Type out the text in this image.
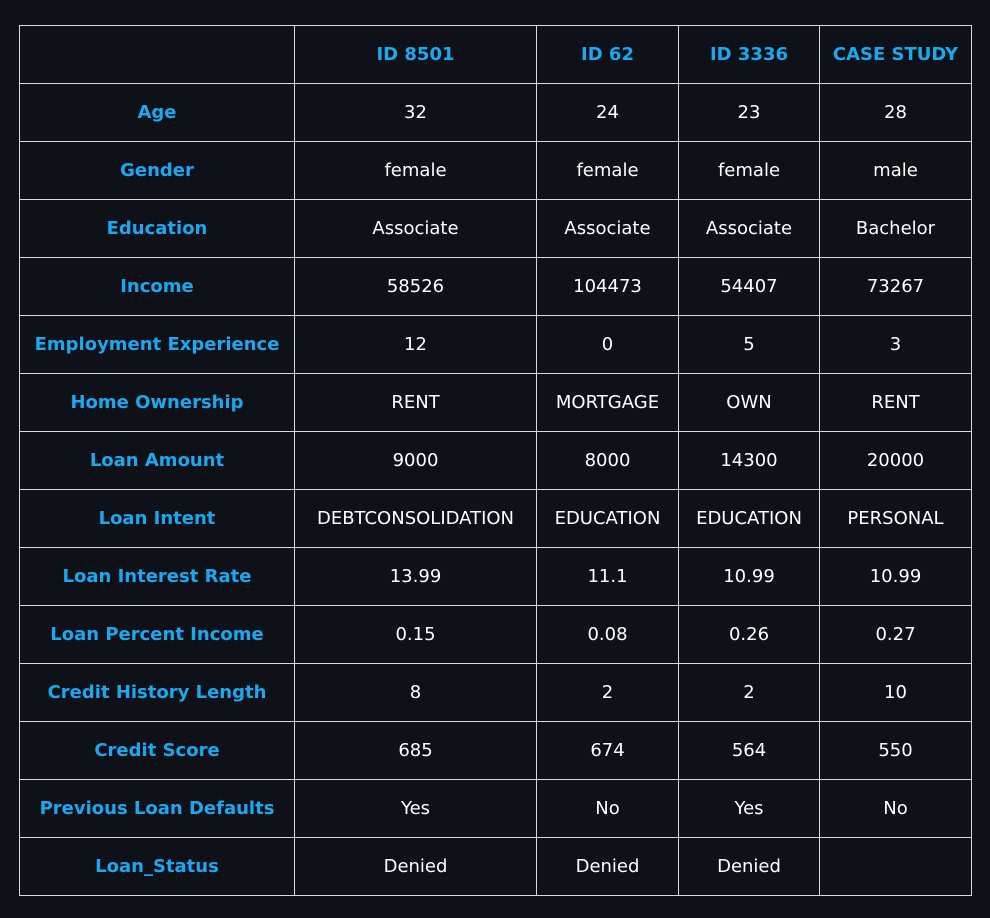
	ID 8501	ID 62	ID 3336	CASE STUDY
Age	32	24	23	28
Gender	female	female	female	male
Education	Associate	Associate	Associate	Bachelor
Income	58526	104473	54407	73267
Employment Experience	12	0	5	3
Home Ownership	RENT	MORTGAGE	OWN	RENT
Loan Amount	9000	8000	14300	20000
Loan Intent	DEBTCONSOLIDATION	EDUCATION	EDUCATION	PERSONAL
Loan Interest Rate	13.99	11.1	10.99	10.99
Loan Percent Income	0.15	0.08	0.26	0.27
Credit History Length	8	2	2	10
Credit Score	685	674	564	550
Previous Loan Defaults	Yes	No	Yes	No
Loan_Status	Denied	Denied	Denied	
